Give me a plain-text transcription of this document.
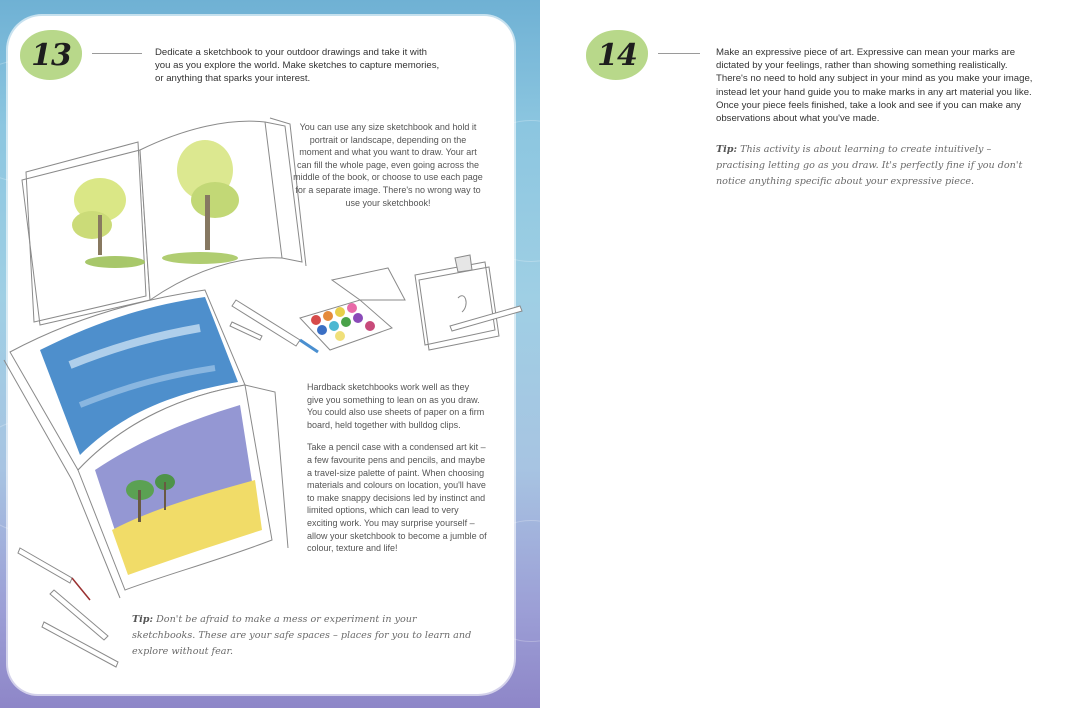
13	Dedicate a sketchbook to your outdoor drawings and take it with you as you explore the world. Make sketches to capture memories, or anything that sparks your interest.
You can use any size sketchbook and hold it portrait or landscape, depending on the moment and what you want to draw. Your art can fill the whole page, even going across the middle of the book, or choose to use each page for a separate image. There's no wrong way to use your sketchbook!

Hardback sketchbooks work well as they give you something to lean on as you draw. You could also use sheets of paper on a firm board, held together with bulldog clips.

Take a pencil case with a condensed art kit – a few favourite pens and pencils, and maybe a travel-size palette of paint. When choosing materials and colours on location, you'll have to make snappy decisions led by instinct and limited options, which can lead to very exciting work. You may surprise yourself – allow your sketchbook to become a jumble of colour, texture and life!

Tip: Don't be afraid to make a mess or experiment in your sketchbooks. These are your safe spaces – places for you to learn and explore without fear.
14	Make an expressive piece of art. Expressive can mean your marks are dictated by your feelings, rather than showing something realistically. There's no need to hold any subject in your mind as you make your image, instead let your hand guide you to make marks in any art material you like. Once your piece feels finished, take a look and see if you can make any observations about what you've made.
Tip: This activity is about learning to create intuitively – practising letting go as you draw. It's perfectly fine if you don't notice anything specific about your expressive piece.
